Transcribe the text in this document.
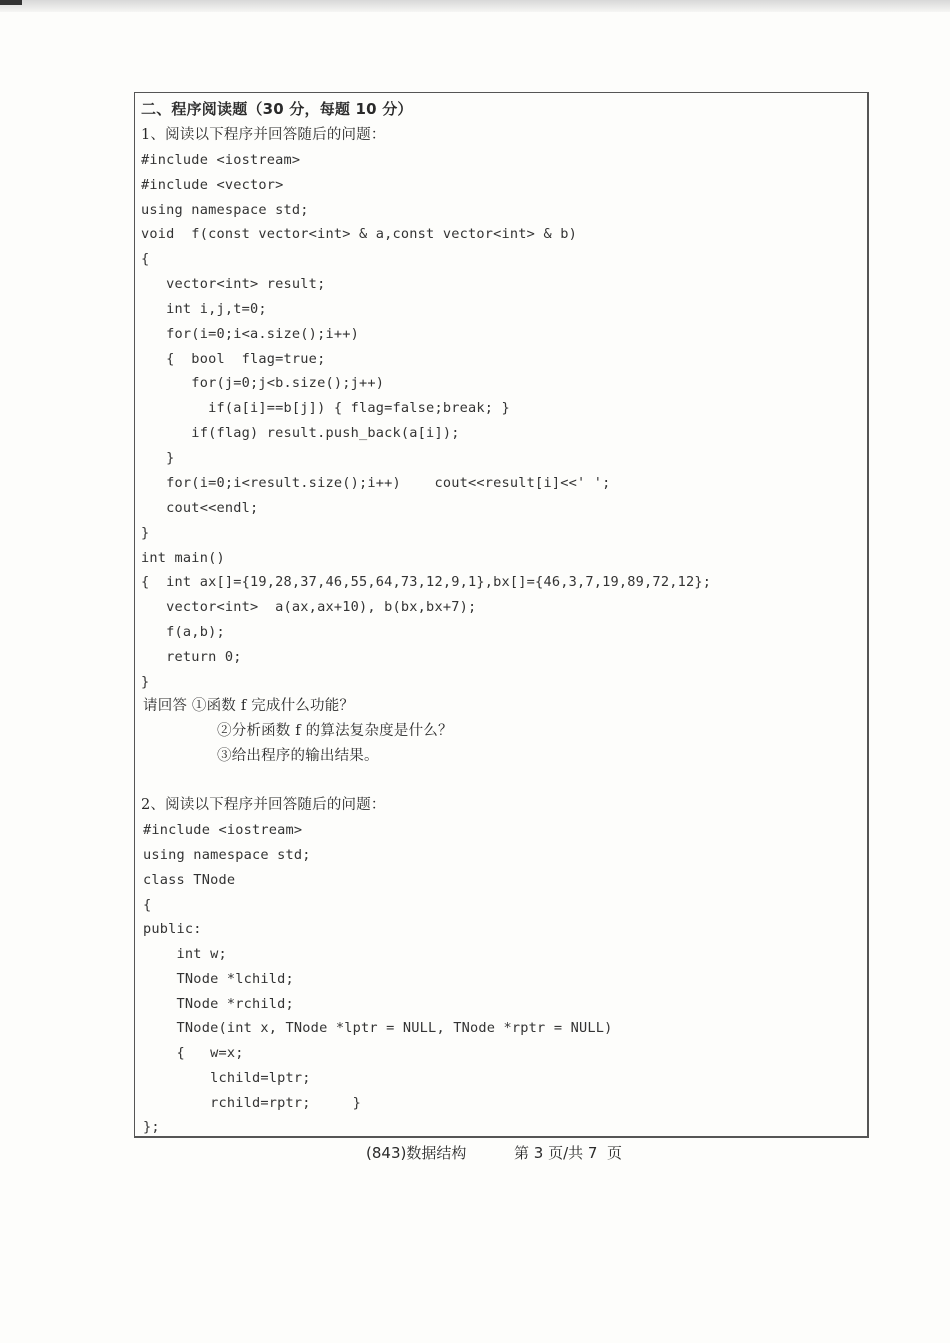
二、程序阅读题（30 分，每题 10 分）
1、阅读以下程序并回答随后的问题：
#include <iostream>
#include <vector>
using namespace std;
void  f(const vector<int> & a,const vector<int> & b)
{
vector<int> result;
int i,j,t=0;
for(i=0;i<a.size();i++)
{  bool  flag=true;
for(j=0;j<b.size();j++)
if(a[i]==b[j]) { flag=false;break; }
if(flag) result.push_back(a[i]);
}
for(i=0;i<result.size();i++)    cout<<result[i]<<' ';
cout<<endl;
}
int main()
{  int ax[]={19,28,37,46,55,64,73,12,9,1},bx[]={46,3,7,19,89,72,12};
vector<int>  a(ax,ax+10), b(bx,bx+7);
f(a,b);
return 0;
}
请回答 ①函数 f 完成什么功能？
②分析函数 f 的算法复杂度是什么？
③给出程序的输出结果。
2、阅读以下程序并回答随后的问题：
#include <iostream>
using namespace std;
class TNode
{
public:
int w;
TNode *lchild;
TNode *rchild;
TNode(int x, TNode *lptr = NULL, TNode *rptr = NULL)
{   w=x;
lchild=lptr;
rchild=rptr;     }
};
(843)数据结构	第 3 页/共 7  页
